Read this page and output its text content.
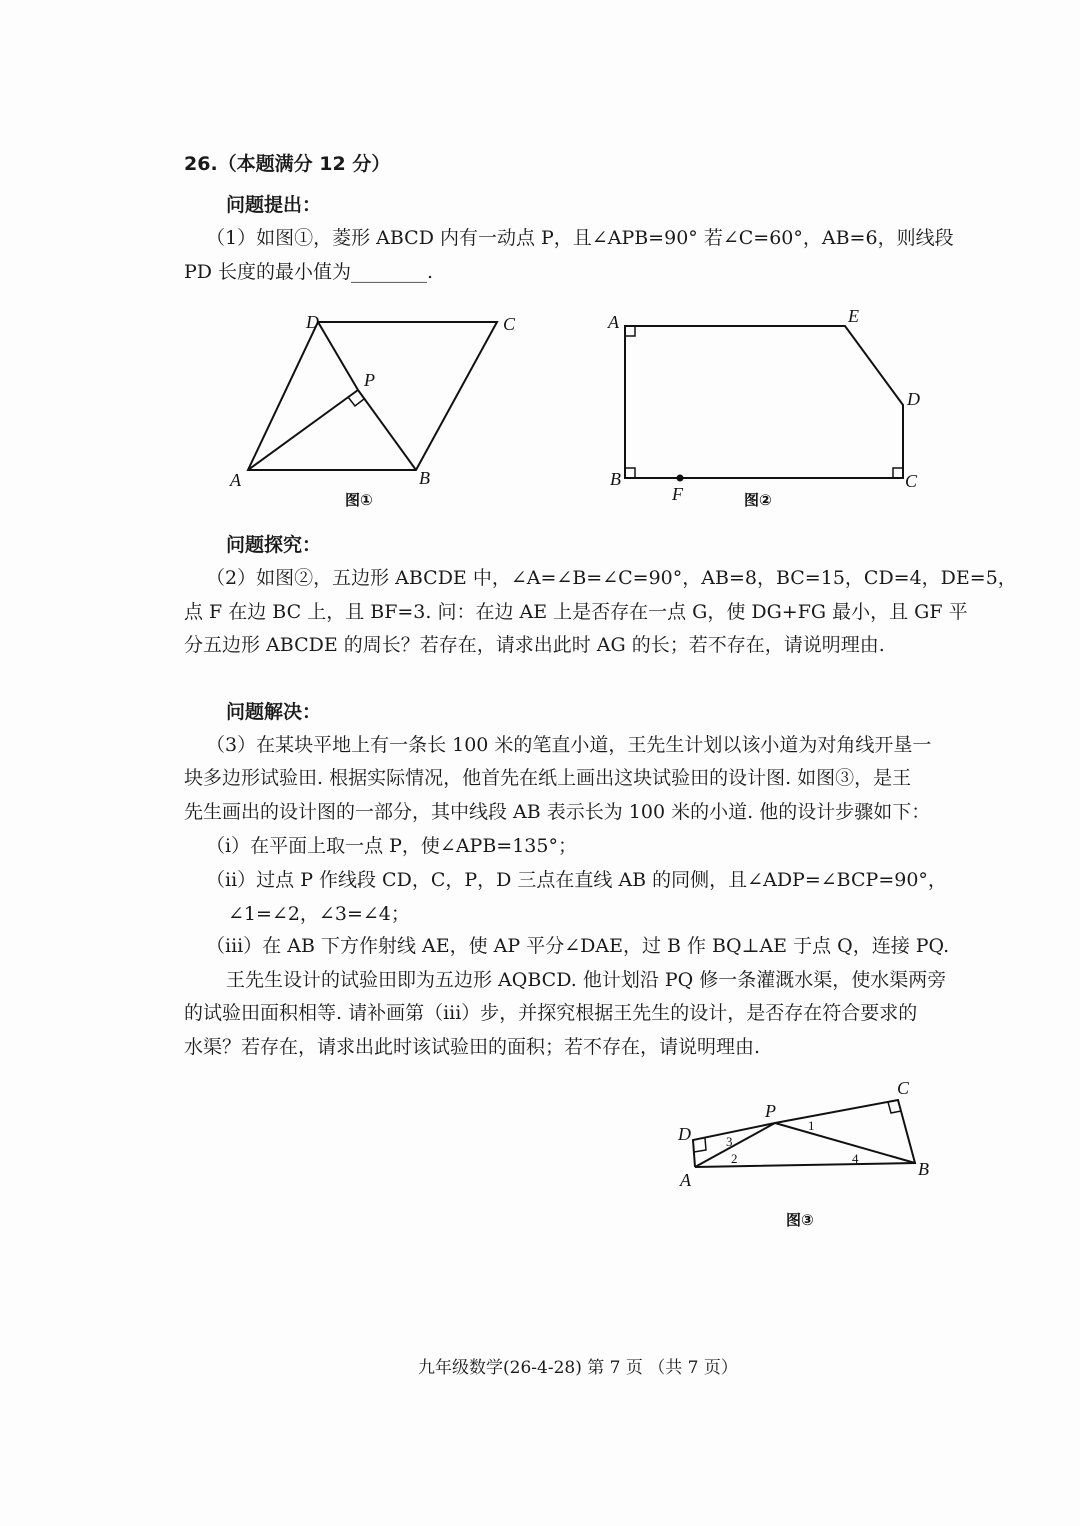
26.（本题满分 12 分）
问题提出：
（1）如图①，菱形 ABCD 内有一动点 P，且∠APB=90° 若∠C=60°，AB=6，则线段
PD 长度的最小值为________.
D	C
A	B
P
图①
A	E
D
C
B
F	图②
D
A
P
C
B
1
2
3
4
图③
问题探究：
（2）如图②，五边形 ABCDE 中，∠A=∠B=∠C=90°，AB=8，BC=15，CD=4，DE=5，
点 F 在边 BC 上，且 BF=3. 问：在边 AE 上是否存在一点 G，使 DG+FG 最小，且 GF 平
分五边形 ABCDE 的周长？若存在，请求出此时 AG 的长；若不存在，请说明理由.
问题解决：
（3）在某块平地上有一条长 100 米的笔直小道，王先生计划以该小道为对角线开垦一
块多边形试验田. 根据实际情况，他首先在纸上画出这块试验田的设计图. 如图③，是王
先生画出的设计图的一部分，其中线段 AB 表示长为 100 米的小道. 他的设计步骤如下：
（i）在平面上取一点 P，使∠APB=135°；
（ii）过点 P 作线段 CD，C，P，D 三点在直线 AB 的同侧，且∠ADP=∠BCP=90°，
∠1=∠2，∠3=∠4；
（iii）在 AB 下方作射线 AE，使 AP 平分∠DAE，过 B 作 BQ⊥AE 于点 Q，连接 PQ.
王先生设计的试验田即为五边形 AQBCD. 他计划沿 PQ 修一条灌溉水渠，使水渠两旁
的试验田面积相等. 请补画第（iii）步，并探究根据王先生的设计，是否存在符合要求的
水渠？若存在，请求出此时该试验田的面积；若不存在，请说明理由.
九年级数学(26-4-28) 第 7 页 （共 7 页）
